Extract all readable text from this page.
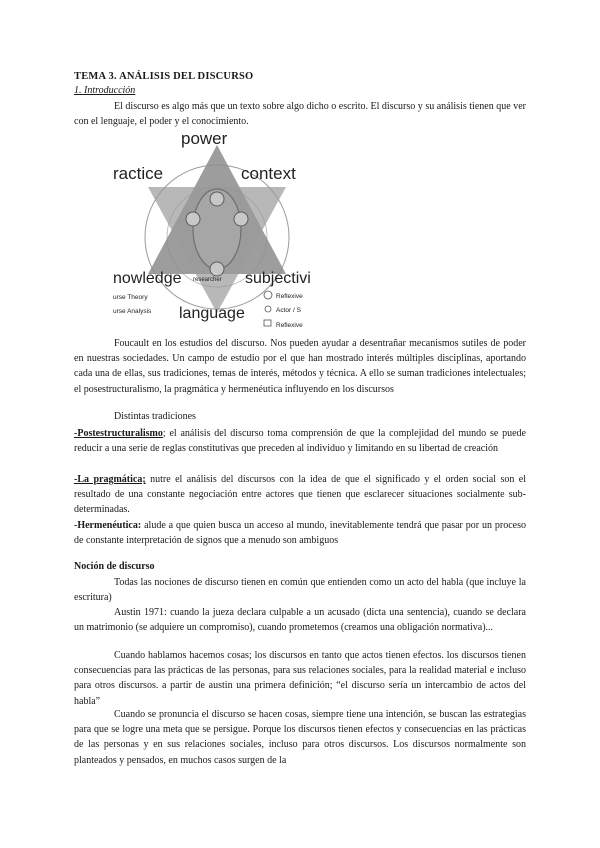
TEMA 3. ANÁLISIS DEL DISCURSO
1. Introducción
El discurso es algo más que un texto sobre algo dicho o escrito. El discurso y su análisis tienen que ver con el lenguaje, el poder y el conocimiento.
power
ractice	context
nowledge	subjectivi
researcher
urse Theory
urse Analysis language
Reflexive
Actor / S
Reflexive
Foucault en los estudios del discurso. Nos pueden ayudar a desentrañar mecanismos sutiles de poder en nuestras sociedades. Un campo de estudio por el que han mostrado interés múltiples disciplinas, aportando cada una de ellas, sus tradiciones, temas de interés, métodos y técnica. A ello se suman tradiciones intelectuales; el posestructuralismo, la pragmática y hermenéutica influyendo en los discursos
Distintas tradiciones
-Postestructuralismo; el análisis del discurso toma comprensión de que la complejidad del mundo se puede reducir a una serie de reglas constitutivas que preceden al individuo y limitando en su libertad de creación
-La pragmática; nutre el análisis del discursos con la idea de que el significado y el orden social son el resultado de una constante negociación entre actores que tienen que esclarecer situaciones socialmente sub-determinadas.
-Hermenéutica: alude a que quien busca un acceso al mundo, inevitablemente tendrá que pasar por un proceso de constante interpretación de signos que a menudo son ambiguos
Noción de discurso
Todas las nociones de discurso tienen en común que entienden como un acto del habla (que incluye la escritura)
Austin 1971: cuando la jueza declara culpable a un acusado (dicta una sentencia), cuando se declara un matrimonio (se adquiere un compromiso), cuando prometemos (creamos una obligación normativa)...
Cuando hablamos hacemos cosas; los discursos en tanto que actos tienen efectos. los discursos tienen consecuencias para las prácticas de las personas, para sus relaciones sociales, para la realidad material e incluso para otros discursos. a partir de austin una primera definición; “el discurso sería un intercambio de actos del habla”
Cuando se pronuncia el discurso se hacen cosas, siempre tiene una intención, se buscan las estrategias para que se logre una meta que se persigue. Porque los discursos tienen efectos y consecuencias en las prácticas de las personas y en sus relaciones sociales, incluso para otros discursos. Los discursos normalmente son planteados y pensados, en muchos casos surgen de la
